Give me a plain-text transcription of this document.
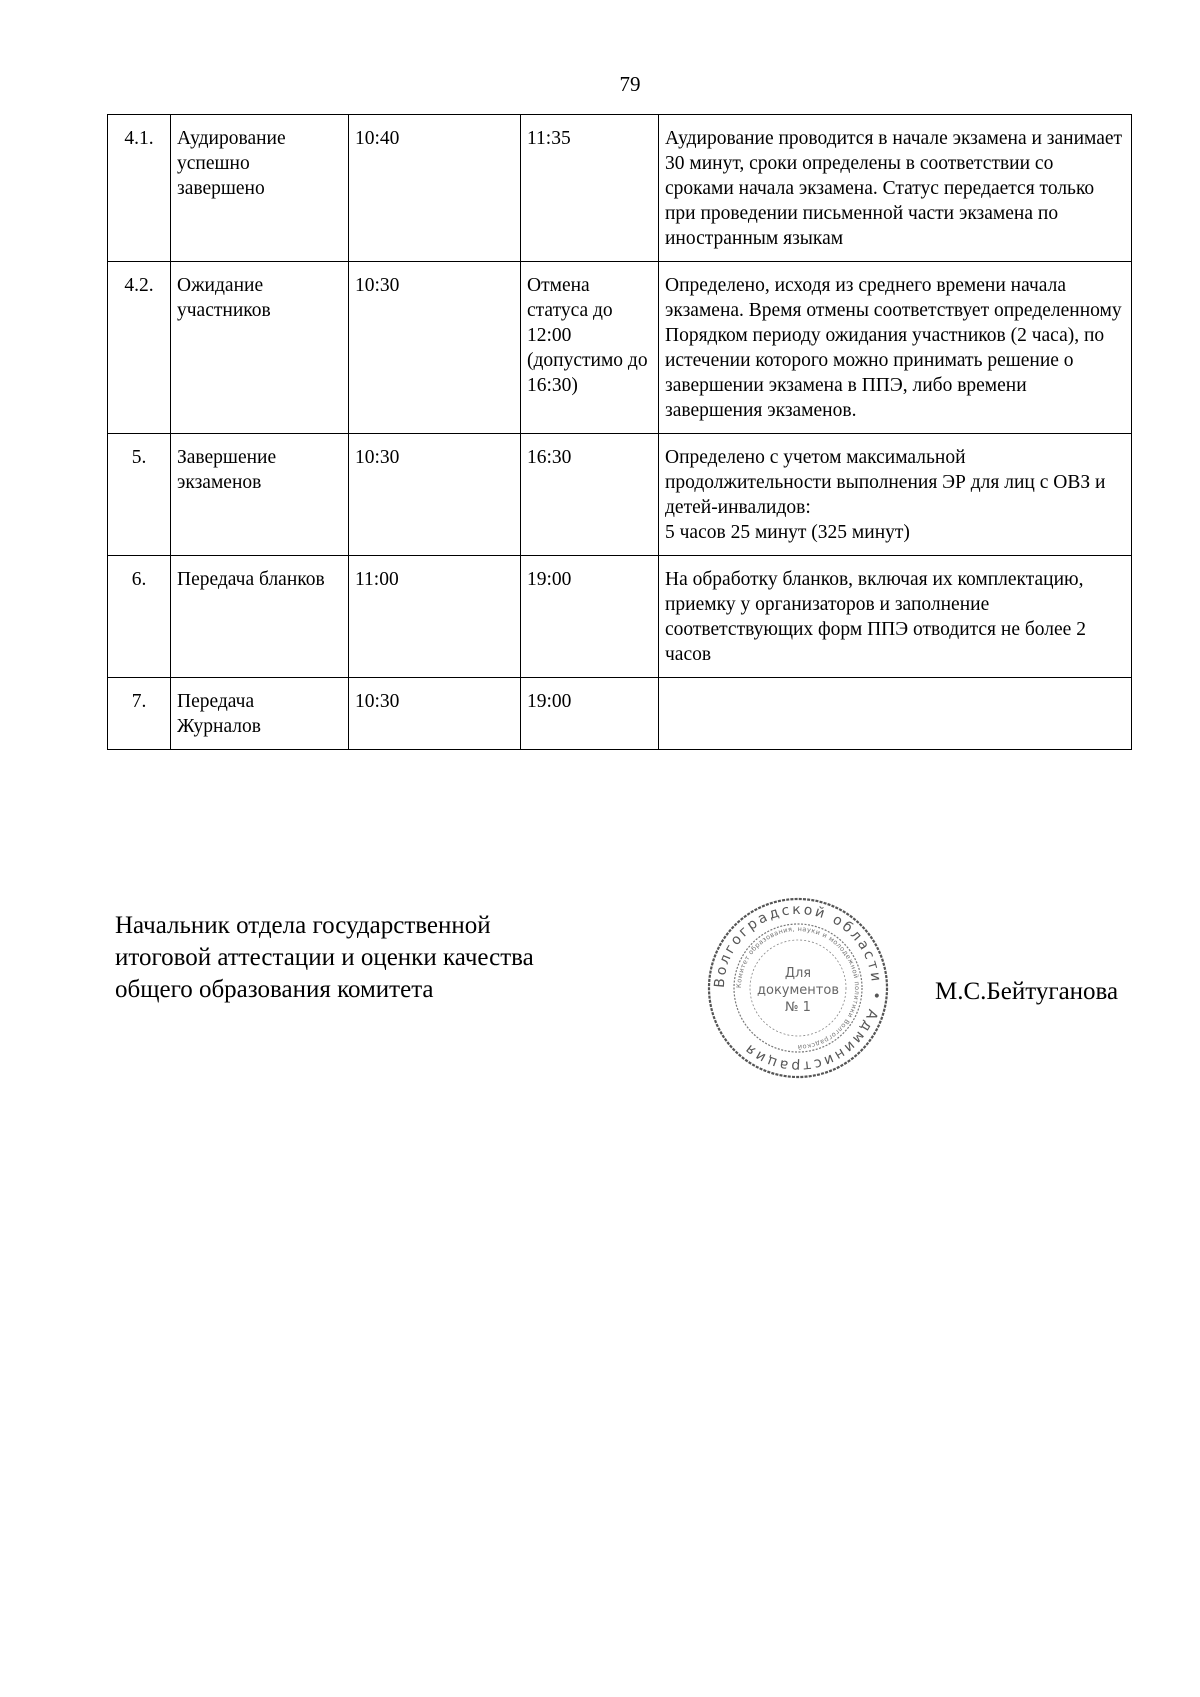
79
4.1.	Аудирование успешно завершено	10:40	11:35	Аудирование проводится в начале экзамена и занимает 30 минут, сроки определены в соответствии со сроками начала экзамена. Статус передается только при проведении письменной части экзамена по иностранным языкам
4.2.	Ожидание участников	10:30	Отмена статуса до 12:00 (допустимо до 16:30)	Определено, исходя из среднего времени начала экзамена. Время отмены соответствует определенному Порядком периоду ожидания участников (2 часа), по истечении которого можно принимать решение о завершении экзамена в ППЭ, либо времени завершения экзаменов.
5.	Завершение экзаменов	10:30	16:30	Определено с учетом максимальной продолжительности выполнения ЭР для лиц с ОВЗ и детей-инвалидов:
5 часов 25 минут (325 минут)

6.	Передача бланков	11:00	19:00	На обработку бланков, включая их комплектацию, приемку у организаторов и заполнение соответствующих форм ППЭ отводится не более 2 часов
7.	Передача Журналов	10:30	19:00	
Начальник отдела государственной
итоговой аттестации и оценки качества
общего образования комитета	Волгоградской области • Администрация
Комитет образования, науки и молодежной политики Волгоградской
Для
документов
№ 1
М.С.Бейтуганова
